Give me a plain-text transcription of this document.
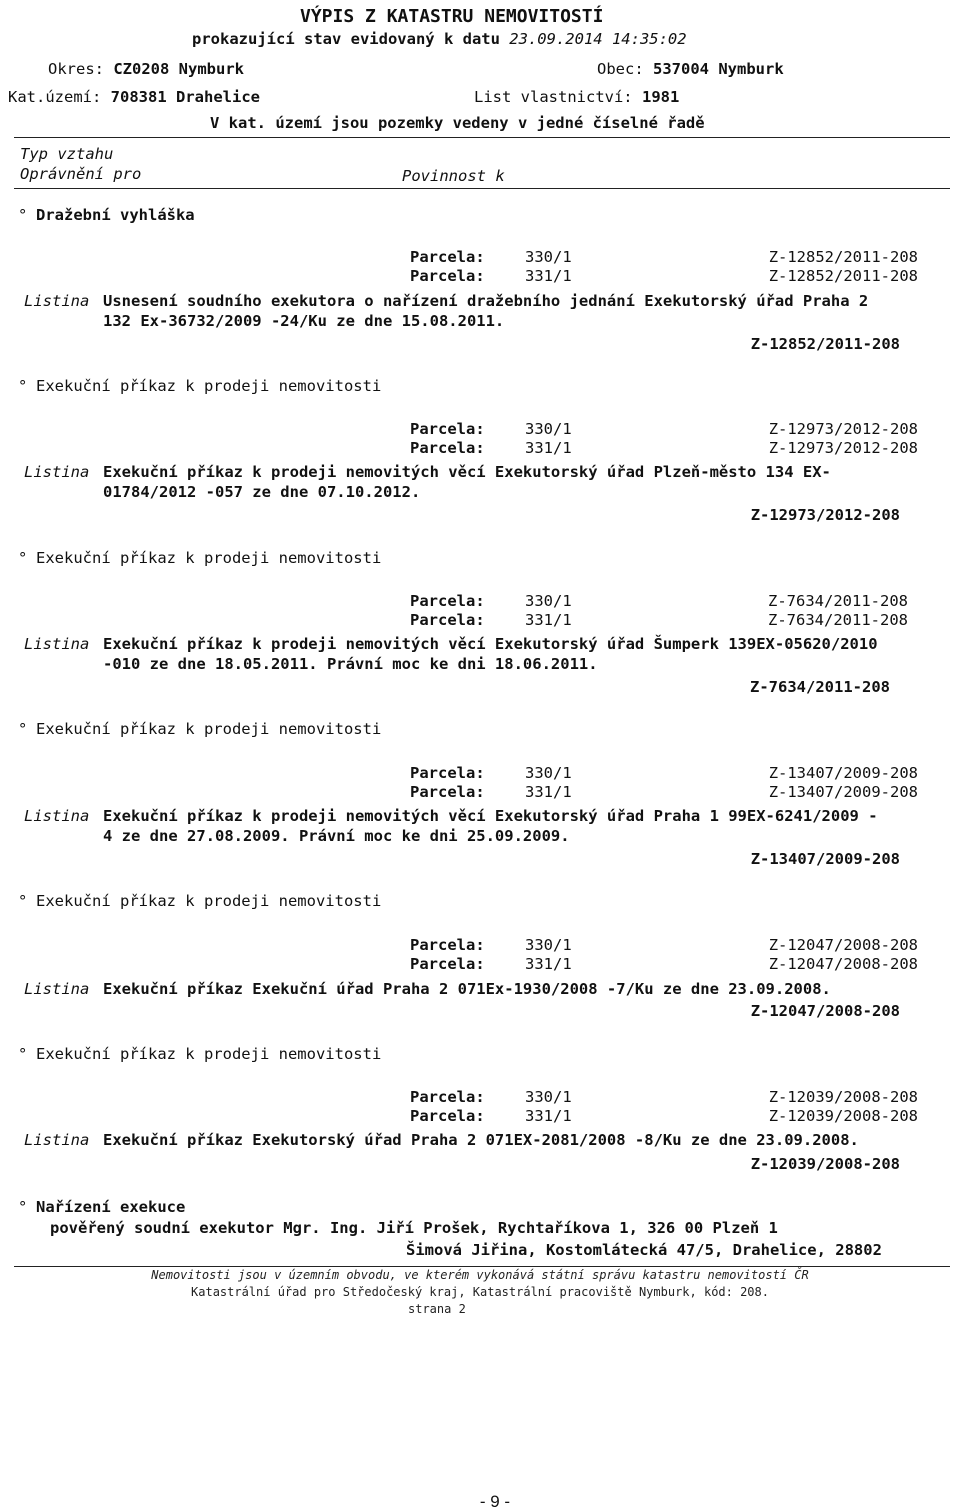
VÝPIS Z KATASTRU NEMOVITOSTÍ
prokazující stav evidovaný k datu 23.09.2014 14:35:02
Okres: CZ0208 Nymburk	Obec: 537004 Nymburk
Kat.území: 708381 Drahelice	List vlastnictví: 1981
V kat. území jsou pozemky vedeny v jedné číselné řadě
Typ vztahu
Oprávnění pro	Povinnost k
° Dražební vyhláška
Parcela:	330/1	Z-12852/2011-208
Parcela:	331/1	Z-12852/2011-208
Listina Usnesení soudního exekutora o nařízení dražebního jednání Exekutorský úřad Praha 2
132 Ex-36732/2009 -24/Ku ze dne 15.08.2011.
Z-12852/2011-208
° Exekuční příkaz k prodeji nemovitosti
Parcela:	330/1	Z-12973/2012-208
Parcela:	331/1	Z-12973/2012-208
Listina Exekuční příkaz k prodeji nemovitých věcí Exekutorský úřad Plzeň-město 134 EX-
01784/2012 -057 ze dne 07.10.2012.
Z-12973/2012-208
° Exekuční příkaz k prodeji nemovitosti
Parcela:	330/1	Z-7634/2011-208
Parcela:	331/1	Z-7634/2011-208
Listina Exekuční příkaz k prodeji nemovitých věcí Exekutorský úřad Šumperk 139EX-05620/2010
-010 ze dne 18.05.2011. Právní moc ke dni 18.06.2011.
Z-7634/2011-208
° Exekuční příkaz k prodeji nemovitosti
Parcela:	330/1	Z-13407/2009-208
Parcela:	331/1	Z-13407/2009-208
Listina Exekuční příkaz k prodeji nemovitých věcí Exekutorský úřad Praha 1 99EX-6241/2009 -
4 ze dne 27.08.2009. Právní moc ke dni 25.09.2009.
Z-13407/2009-208
° Exekuční příkaz k prodeji nemovitosti
Parcela:	330/1	Z-12047/2008-208
Parcela:	331/1	Z-12047/2008-208
Listina Exekuční příkaz Exekuční úřad Praha 2 071Ex-1930/2008 -7/Ku ze dne 23.09.2008.
Z-12047/2008-208
° Exekuční příkaz k prodeji nemovitosti
Parcela:	330/1	Z-12039/2008-208
Parcela:	331/1	Z-12039/2008-208
Listina Exekuční příkaz Exekutorský úřad Praha 2 071EX-2081/2008 -8/Ku ze dne 23.09.2008.
Z-12039/2008-208
° Nařízení exekuce
pověřený soudní exekutor Mgr. Ing. Jiří Prošek, Rychtaříkova 1, 326 00 Plzeň 1
Šimová Jiřina, Kostomlátecká 47/5, Drahelice, 28802
Nemovitosti jsou v územním obvodu, ve kterém vykonává státní správu katastru nemovitostí ČR
Katastrální úřad pro Středočeský kraj, Katastrální pracoviště Nymburk, kód: 208.
strana 2
- 9 -
